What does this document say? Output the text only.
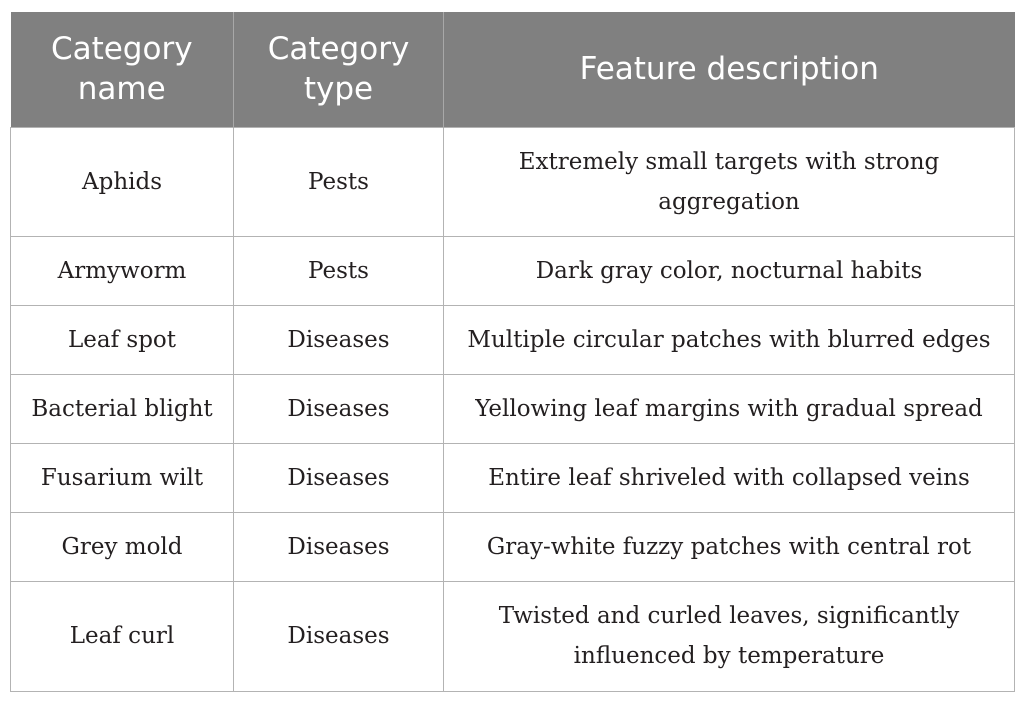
Category name	Category type	Feature description
Aphids	Pests	Extremely small targets with strong aggregation
Armyworm	Pests	Dark gray color, nocturnal habits
Leaf spot	Diseases	Multiple circular patches with blurred edges
Bacterial blight	Diseases	Yellowing leaf margins with gradual spread
Fusarium wilt	Diseases	Entire leaf shriveled with collapsed veins
Grey mold	Diseases	Gray-white fuzzy patches with central rot
Leaf curl	Diseases	Twisted and curled leaves, significantly influenced by temperature
